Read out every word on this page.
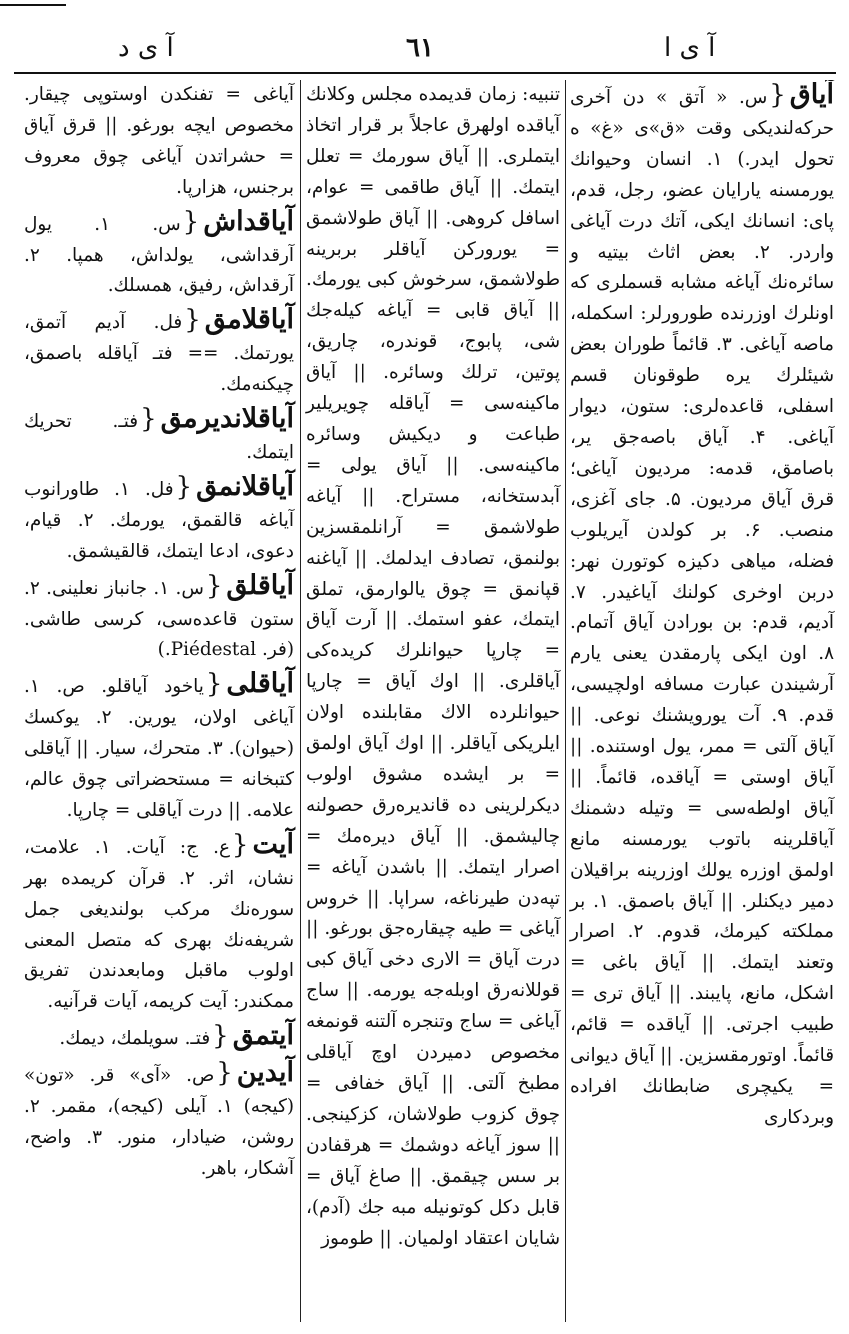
آ ی د	٦١	آ ی ا

آیاق{س. « آتق » دن آخری حرکه‌لندیکی وقت «ق»ی «غ» ه تحول ایدر.) ۱. انسان وحیوانك یورمسنه یارایان عضو، رجل، قدم، پای: انسانك ایکی، آتك درت آیاغی واردر. ۲. بعض اثاث بیتیه و سائره‌نك آیاغه مشابه قسملری که اونلرك اوزرنده طورورلر: اسکمله، ماصه آیاغی. ۳. قائماً طوران بعض شیئلرك یره طوقونان قسم اسفلی، قاعده‌لری: ستون، دیوار آیاغی. ۴. آیاق باصه‌جق یر، باصامق، قدمه: مردیون آیاغی؛ قرق آیاق مردیون. ۵. جای آغزی، منصب. ۶. بر کولدن آیریلوب فضله‌، میاهی دکیزه کوتورن نهر: دربن اوخری کولنك آیاغیدر. ۷. آدیم، قدم: بن بورادن آیاق آتمام. ۸. اون ایکی پارمقدن یعنی یارم آرشیندن عبارت مسافه اولچیسی، قدم. ۹. آت یورویشنك نوعی. || آیاق آلتی = ممر، یول اوستنده. || آیاق اوستی = آیاقده، قائماً. || آیاق اولطه‌سی = وتیله دشمنك آیاقلرینه باتوب یورمسنه مانع اولمق اوزره یولك اوزرینه براقیلان دمیر دیکنلر. || آیاق باصمق. ۱. بر مملکته کیرمك، قدوم. ۲. اصرار وتعند ایتمك. || آیاق باغی = اشکل، مانع، پایبند. || آیاق تری = طبیب اجرتی. || آیاقده = قائم، قائماً. اوتورمقسزین. || آیاق دیوانی = یکیچری ضابطانك افراده وبردکاری

تنبیه: زمان قدیمده مجلس وکلانك آیاقده اولهرق عاجلاً بر قرار اتخاذ ایتملری. || آیاق سورمك = تعلل ایتمك. || آیاق طاقمی = عوام، اسافل کروهی. || آیاق طولاشمق = یورورکن آیاقلر بربرینه طولاشمق، سرخوش کبی یورمك. || آیاق قابی = آیاغه کیله‌جك شی، پابوج، قوندره، چاریق، پوتین، ترلك وسائره. || آیاق ماکینه‌سی = آیاقله چویریلیر طباعت و دیکیش وسائره ماکینه‌سی. || آیاق یولی = آبدستخانه، مستراح. || آیاغه طولاشمق = آرانلمقسزین بولنمق، تصادف ایدلمك. || آیاغنه قپانمق = چوق یالوارمق، تملق ایتمك، عفو استمك. || آرت آیاق = چارپا حیوانلرك کریده‌کی آیاقلری. || اوك آیاق = چارپا حیوانلرده الاك مقابلنده اولان ایلریکی آیاقلر. || اوك آیاق اولمق = بر ایشده مشوق اولوب دیکرلرینی ده قاندیره‌رق حصولنه چالیشمق. || آیاق دیره‌مك = اصرار ایتمك. || باشدن آیاغه = تپه‌دن طیرناغه، سراپا. || خروس آیاغی = طیه چیقاره‌جق بورغو. || درت آیاق = الاری دخی آیاق کبی قوللانه‌رق اوبله‌جه یورمه. || ساج آیاغی = ساج وتنجره آلتنه قونمغه مخصوص دمیردن اوچ آیاقلی مطبخ آلتی. || آیاق خفافی = چوق کزوب طولاشان، کزکینجی. || سوز آیاغه دوشمك = هرقفادن بر سس چیقمق. || صاغ آیاق = قابل دکل کوتونیله مبه جك (آدم)، شایان اعتقاد اولمیان. || طوموز

آیاغی = تفنکدن اوستوپی چیقار. مخصوص ایچه بورغو. || قرق آیاق = حشراتدن آیاغی چوق معروف برجنس، هزارپا.

آیاقداش{س. ۱. یول آرقداشی، یولداش، همپا. ۲. آرقداش، رفیق، همسلك.

آیاقلامق{فل. آدیم آتمق، یورتمك. == فتـ آیاقله باصمق، چیکنه‌مك.

آیاقلاندیرمق{فتـ. تحریك ایتمك.

آیاقلانمق{فل. ۱. طاورانوب آیاغه قالقمق، یورمك. ۲. قیام، دعوی، ادعا ایتمك، قالقیشمق.

آیاقلق{س. ۱. جانباز نعلینی. ۲. ستون قاعده‌سی، کرسی طاشی. (فر. Piédestal.)

آیاقلی{یاخود آیاقلو. ص. ۱. آیاغی اولان، یورین. ۲. یوکسك (حیوان). ۳. متحرك، سیار. || آیاقلی کتبخانه = مستحضراتی چوق عالم، علامه. || درت آیاقلی = چارپا.

آیت{ع. ج: آیات. ۱. علامت، نشان، اثر. ۲. قرآن کریمده بهر سوره‌نك مرکب بولندیغی جمل شریفه‌نك بهری که متصل المعنی اولوب ماقبل ومابعدندن تفریق ممکندر: آیت کریمه، آیات قرآنیه.

آیتمق{فتـ. سویلمك، دیمك.

آیدین{ص. «آی» قر. «تون» (کیجه) ۱. آیلی (کیجه)، مقمر. ۲. روشن، ضیادار، منور. ۳. واضح، آشکار، باهر.
